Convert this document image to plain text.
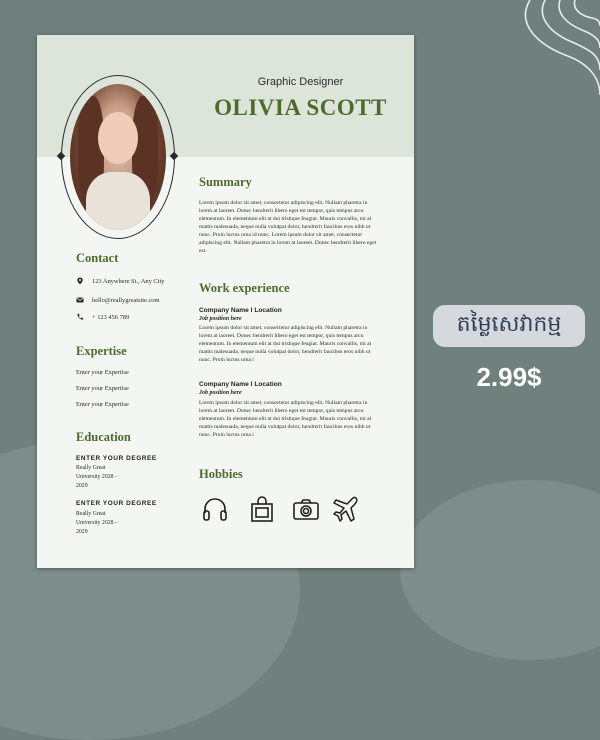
Graphic Designer
OLIVIA SCOTT
Contact
123 Anywhere St., Any City
hello@reallygreatsite.com
+ 123 456 789
Expertise
Enter your Expertise
Enter your Expertise
Enter your Expertise
Education
ENTER YOUR DEGREE
Really Great
University 2028 -
2029
ENTER YOUR DEGREE
Really Great
University 2028 -
2029
Summary
Lorem ipsum dolor sit amet, consectetur adipiscing elit. Nullam pharetra in lorem at laoreet. Donec hendrerit libero eget est tempor, quis tempus arcu elementum. In elementum elit at dui tristique feugiat. Mauris convallis, mi at mattis malesuada, neque nulla volutpat dolor, hendrerit faucibus eros nibh ut nunc. Proin luctus urna id nunc. Lorem ipsum dolor sit amet, consectetur adipiscing elit. Nullam pharetra in lorem at laoreet. Donec hendrerit libero eget est.
Work experience
Company Name I Location
Job position here
Lorem ipsum dolor sit amet, consectetur adipiscing elit. Nullam pharetra in lorem at laoreet. Donec hendrerit libero eget est tempor, quis tempus arcu elementum. In elementum elit at dui tristique feugiat. Mauris convallis, mi at mattis malesuada, neque nulla volutpat dolor, hendrerit faucibus eros nibh ut nunc. Proin luctus urna i
Company Name I Location
Job position here
Lorem ipsum dolor sit amet, consectetur adipiscing elit. Nullam pharetra in lorem at laoreet. Donec hendrerit libero eget est tempor, quis tempus arcu elementum. In elementum elit at dui tristique feugiat. Mauris convallis, mi at mattis malesuada, neque nulla volutpat dolor, hendrerit faucibus eros nibh ut nunc. Proin luctus urna i
Hobbies
តម្លៃសេវាកម្ម
2.99$
